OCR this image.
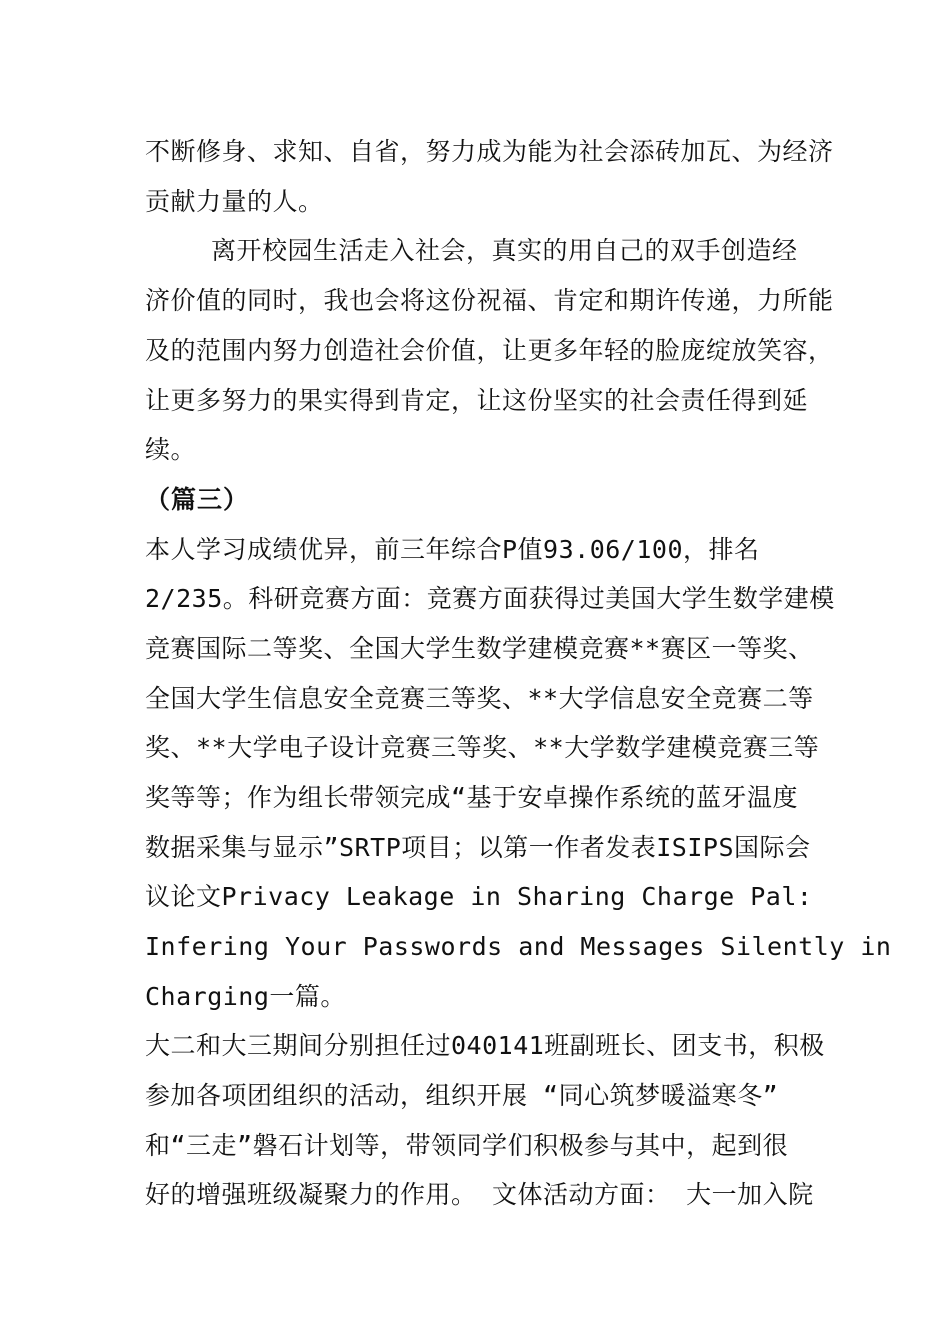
不断修身、求知、自省，努力成为能为社会添砖加瓦、为经济

贡献力量的人。

离开校园生活走入社会，真实的用自己的双手创造经

济价值的同时，我也会将这份祝福、肯定和期许传递，力所能

及的范围内努力创造社会价值，让更多年轻的脸庞绽放笑容，

让更多努力的果实得到肯定，让这份坚实的社会责任得到延

续。

（篇三）

本人学习成绩优异，前三年综合P值93.06/100，排名

2/235。科研竞赛方面：竞赛方面获得过美国大学生数学建模

竞赛国际二等奖、全国大学生数学建模竞赛**赛区一等奖、

全国大学生信息安全竞赛三等奖、**大学信息安全竞赛二等

奖、**大学电子设计竞赛三等奖、**大学数学建模竞赛三等

奖等等；作为组长带领完成“基于安卓操作系统的蓝牙温度

数据采集与显示”SRTP项目；以第一作者发表ISIPS国际会

议论文Privacy Leakage in Sharing Charge Pal:

Infering Your Passwords and Messages Silently in

Charging一篇。

大二和大三期间分别担任过040141班副班长、团支书，积极

参加各项团组织的活动，组织开展 “同心筑梦暖溢寒冬”

和“三走”磐石计划等，带领同学们积极参与其中，起到很

好的增强班级凝聚力的作用。 文体活动方面： 大一加入院
